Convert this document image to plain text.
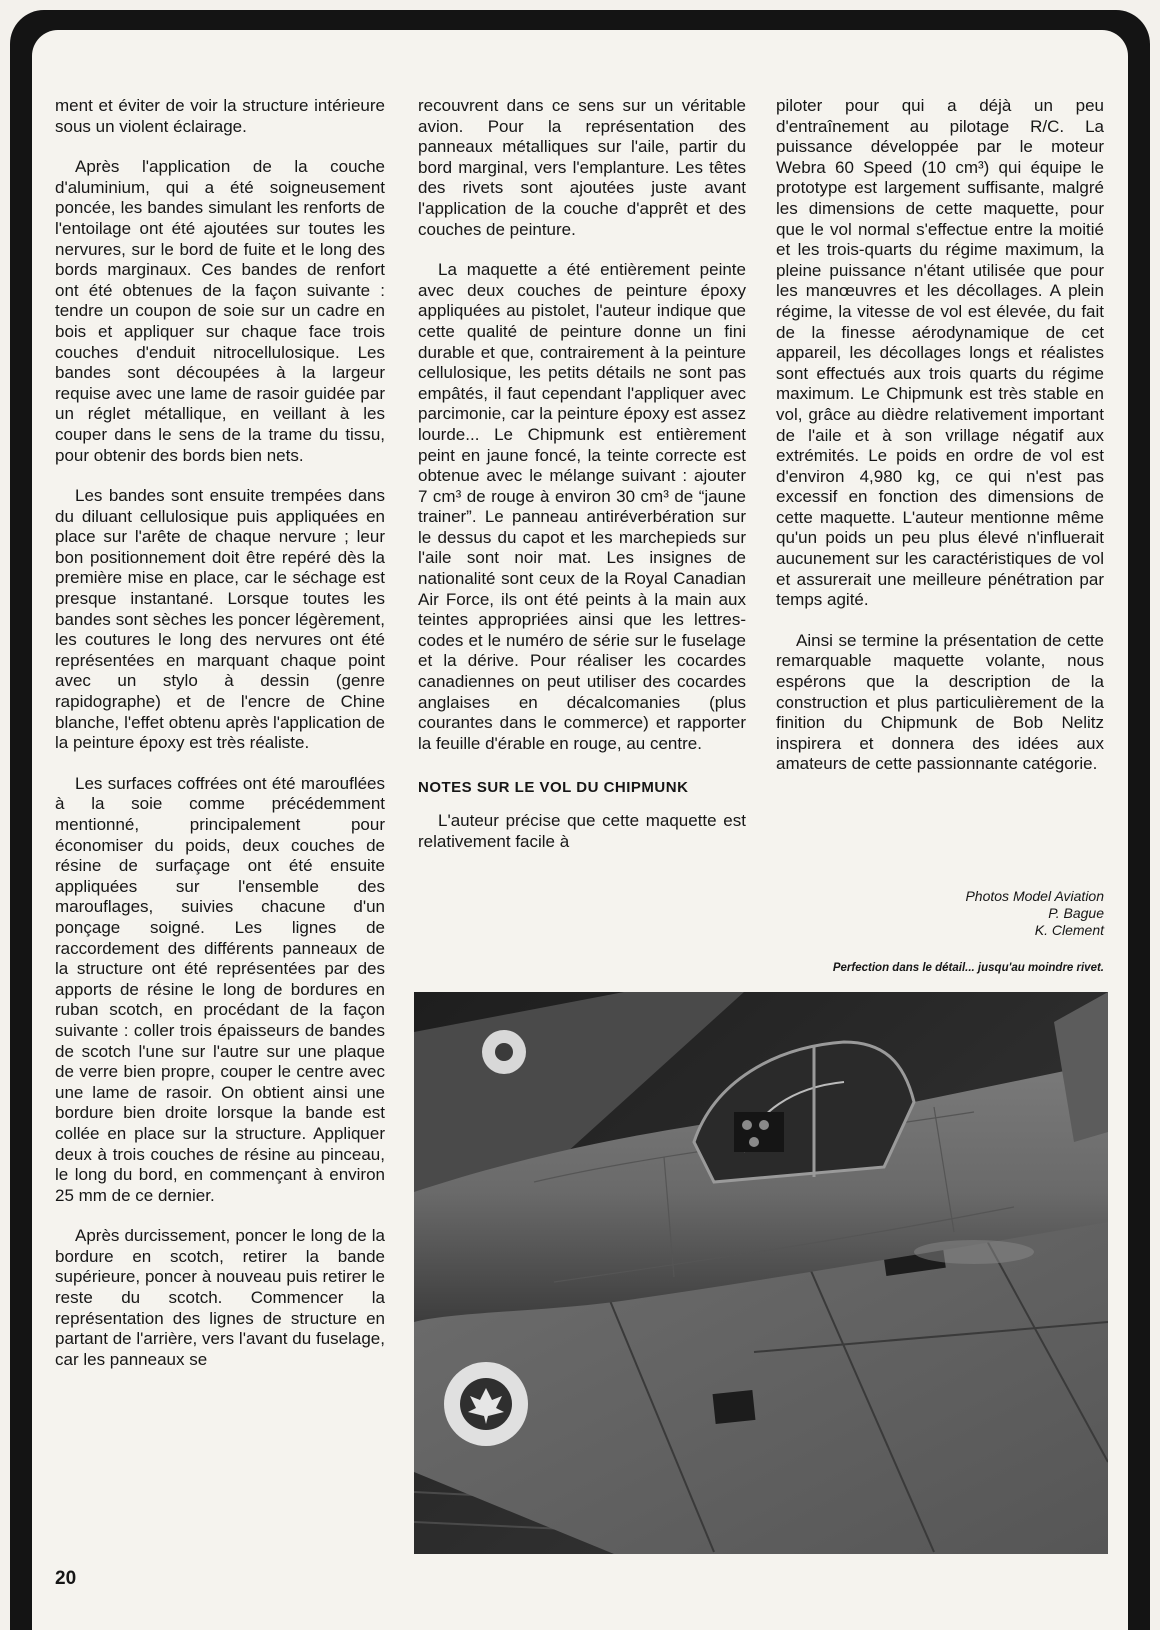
ment et éviter de voir la structure intérieure sous un violent éclairage.

Après l'application de la couche d'aluminium, qui a été soigneusement poncée, les bandes simulant les renforts de l'entoilage ont été ajoutées sur toutes les nervures, sur le bord de fuite et le long des bords marginaux. Ces bandes de renfort ont été obtenues de la façon suivante : tendre un coupon de soie sur un cadre en bois et appliquer sur chaque face trois couches d'enduit nitrocellulosique. Les bandes sont découpées à la largeur requise avec une lame de rasoir guidée par un réglet métallique, en veillant à les couper dans le sens de la trame du tissu, pour obtenir des bords bien nets.

Les bandes sont ensuite trempées dans du diluant cellulosique puis appliquées en place sur l'arête de chaque nervure ; leur bon positionnement doit être repéré dès la première mise en place, car le séchage est presque instantané. Lorsque toutes les bandes sont sèches les poncer légèrement, les coutures le long des nervures ont été représentées en marquant chaque point avec un stylo à dessin (genre rapidographe) et de l'encre de Chine blanche, l'effet obtenu après l'application de la peinture époxy est très réaliste.

Les surfaces coffrées ont été marouflées à la soie comme précédemment mentionné, principalement pour économiser du poids, deux couches de résine de surfaçage ont été ensuite appliquées sur l'ensemble des marouflages, suivies chacune d'un ponçage soigné. Les lignes de raccordement des différents panneaux de la structure ont été représentées par des apports de résine le long de bordures en ruban scotch, en procédant de la façon suivante : coller trois épaisseurs de bandes de scotch l'une sur l'autre sur une plaque de verre bien propre, couper le centre avec une lame de rasoir. On obtient ainsi une bordure bien droite lorsque la bande est collée en place sur la structure. Appliquer deux à trois couches de résine au pinceau, le long du bord, en commençant à environ 25 mm de ce dernier.

Après durcissement, poncer le long de la bordure en scotch, retirer la bande supérieure, poncer à nouveau puis retirer le reste du scotch. Commencer la représentation des lignes de structure en partant de l'arrière, vers l'avant du fuselage, car les panneaux se

recouvrent dans ce sens sur un véritable avion. Pour la représentation des panneaux métalliques sur l'aile, partir du bord marginal, vers l'emplanture. Les têtes des rivets sont ajoutées juste avant l'application de la couche d'apprêt et des couches de peinture.

La maquette a été entièrement peinte avec deux couches de peinture époxy appliquées au pistolet, l'auteur indique que cette qualité de peinture donne un fini durable et que, contrairement à la peinture cellulosique, les petits détails ne sont pas empâtés, il faut cependant l'appliquer avec parcimonie, car la peinture époxy est assez lourde... Le Chipmunk est entièrement peint en jaune foncé, la teinte correcte est obtenue avec le mélange suivant : ajouter 7 cm³ de rouge à environ 30 cm³ de “jaune trainer”. Le panneau antiréverbération sur le dessus du capot et les marchepieds sur l'aile sont noir mat. Les insignes de nationalité sont ceux de la Royal Canadian Air Force, ils ont été peints à la main aux teintes appropriées ainsi que les lettres-codes et le numéro de série sur le fuselage et la dérive. Pour réaliser les cocardes canadiennes on peut utiliser des cocardes anglaises en décalcomanies (plus courantes dans le commerce) et rapporter la feuille d'érable en rouge, au centre.

NOTES SUR LE VOL DU CHIPMUNK

L'auteur précise que cette maquette est relativement facile à

piloter pour qui a déjà un peu d'entraînement au pilotage R/C. La puissance développée par le moteur Webra 60 Speed (10 cm³) qui équipe le prototype est largement suffisante, malgré les dimensions de cette maquette, pour que le vol normal s'effectue entre la moitié et les trois-quarts du régime maximum, la pleine puissance n'étant utilisée que pour les manœuvres et les décollages. A plein régime, la vitesse de vol est élevée, du fait de la finesse aérodynamique de cet appareil, les décollages longs et réalistes sont effectués aux trois quarts du régime maximum. Le Chipmunk est très stable en vol, grâce au dièdre relativement important de l'aile et à son vrillage négatif aux extrémités. Le poids en ordre de vol est d'environ 4,980 kg, ce qui n'est pas excessif en fonction des dimensions de cette maquette. L'auteur mentionne même qu'un poids un peu plus élevé n'influerait aucunement sur les caractéristiques de vol et assurerait une meilleure pénétration par temps agité.

Ainsi se termine la présentation de cette remarquable maquette volante, nous espérons que la description de la construction et plus particulièrement de la finition du Chipmunk de Bob Nelitz inspirera et donnera des idées aux amateurs de cette passionnante catégorie.

Photos Model Aviation
P. Bague
K. Clement
Perfection dans le détail... jusqu'au moindre rivet.
20
